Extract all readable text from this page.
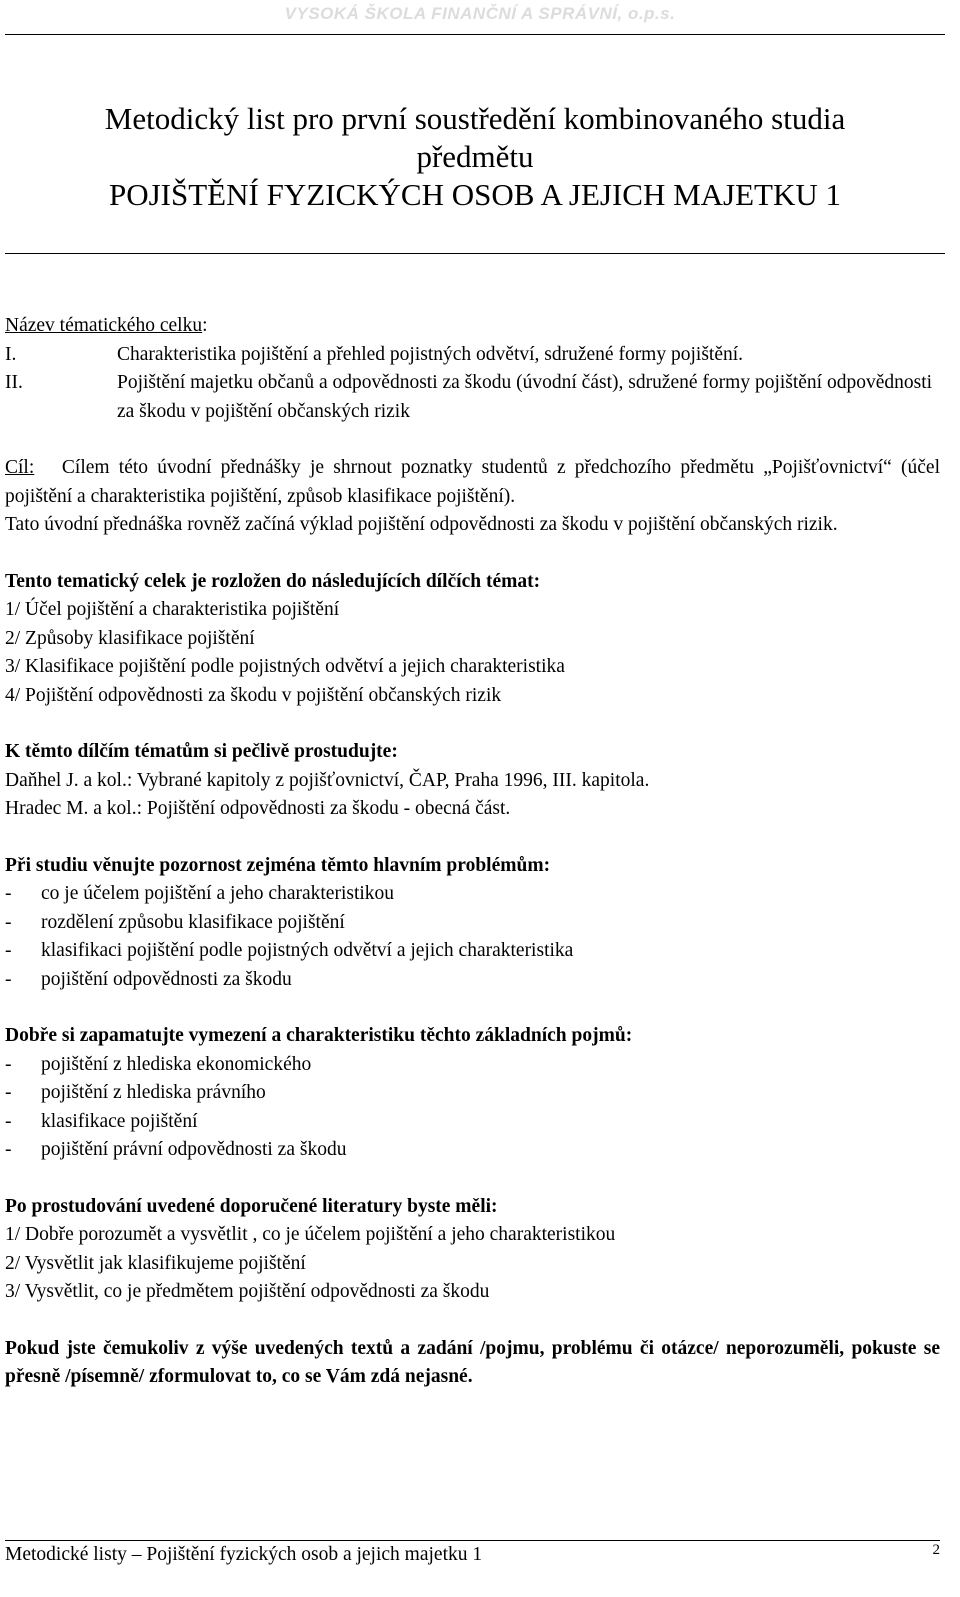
VYSOKÁ ŠKOLA FINANČNÍ A SPRÁVNÍ, o.p.s.
Metodický list pro první soustředění kombinovaného studia
předmětu
POJIŠTĚNÍ FYZICKÝCH OSOB A JEJICH MAJETKU 1

Název tématického celku:

I.	Charakteristika pojištění a přehled pojistných odvětví, sdružené formy pojištění.
II.	Pojištění majetku občanů a odpovědnosti za škodu (úvodní část), sdružené formy pojištění odpovědnosti za škodu v pojištění občanských rizik

Cíl: Cílem této úvodní přednášky je shrnout poznatky studentů z předchozího předmětu „Pojišťovnictví“ (účel pojištění a charakteristika pojištění, způsob klasifikace pojištění).

Tato úvodní přednáška rovněž začíná výklad pojištění odpovědnosti za škodu v pojištění občanských rizik.

Tento tematický celek je rozložen do následujících dílčích témat:

1/ Účel pojištění a charakteristika pojištění

2/ Způsoby klasifikace pojištění

3/ Klasifikace pojištění podle pojistných odvětví a jejich charakteristika

4/ Pojištění odpovědnosti za škodu v pojištění občanských rizik

K těmto dílčím tématům si pečlivě prostudujte:

Daňhel J. a kol.: Vybrané kapitoly z pojišťovnictví, ČAP, Praha 1996, III. kapitola.

Hradec M. a kol.: Pojištění odpovědnosti za škodu - obecná část.

Při studiu věnujte pozornost zejména těmto hlavním problémům:

-	co je účelem pojištění a jeho charakteristikou
-	rozdělení způsobu klasifikace pojištění
-	klasifikaci pojištění podle pojistných odvětví a jejich charakteristika
-	pojištění odpovědnosti za škodu

Dobře si zapamatujte vymezení a charakteristiku těchto základních pojmů:

-	pojištění z hlediska ekonomického
-	pojištění z hlediska právního
-	klasifikace pojištění
-	pojištění právní odpovědnosti za škodu

Po prostudování uvedené doporučené literatury byste měli:

1/ Dobře porozumět a vysvětlit , co je účelem pojištění a jeho charakteristikou

2/ Vysvětlit jak klasifikujeme pojištění

3/ Vysvětlit, co je předmětem pojištění odpovědnosti za škodu

Pokud jste čemukoliv z výše uvedených textů a zadání /pojmu, problému či otázce/ neporozuměli, pokuste se přesně /písemně/ zformulovat to, co se Vám zdá nejasné.

Metodické listy – Pojištění fyzických osob a jejich majetku 1	2
